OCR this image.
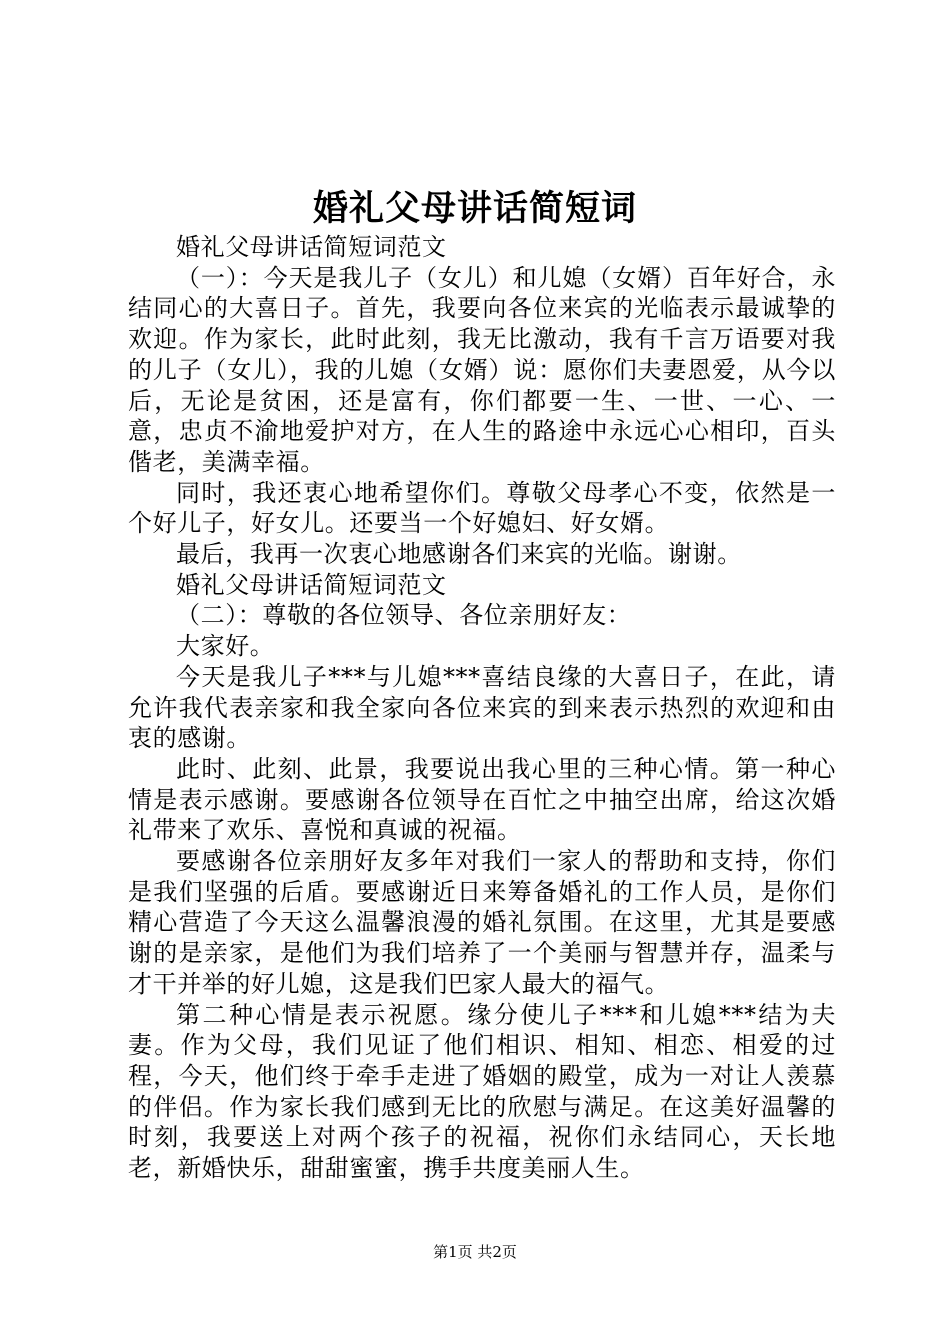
婚礼父母讲话简短词

婚礼父母讲话简短词范文

（一）：今天是我儿子（女儿）和儿媳（女婿）百年好合，永结同心的大喜日子。首先，我要向各位来宾的光临表示最诚挚的欢迎。作为家长，此时此刻，我无比激动，我有千言万语要对我的儿子（女儿），我的儿媳（女婿）说：愿你们夫妻恩爱，从今以后，无论是贫困，还是富有，你们都要一生、一世、一心、一意，忠贞不渝地爱护对方，在人生的路途中永远心心相印，百头偕老，美满幸福。

同时，我还衷心地希望你们。尊敬父母孝心不变，依然是一个好儿子，好女儿。还要当一个好媳妇、好女婿。

最后，我再一次衷心地感谢各们来宾的光临。谢谢。

婚礼父母讲话简短词范文

（二）：尊敬的各位领导、各位亲朋好友：

大家好。

今天是我儿子***与儿媳***喜结良缘的大喜日子，在此，请允许我代表亲家和我全家向各位来宾的到来表示热烈的欢迎和由衷的感谢。

此时、此刻、此景，我要说出我心里的三种心情。第一种心情是表示感谢。要感谢各位领导在百忙之中抽空出席，给这次婚礼带来了欢乐、喜悦和真诚的祝福。

要感谢各位亲朋好友多年对我们一家人的帮助和支持，你们是我们坚强的后盾。要感谢近日来筹备婚礼的工作人员，是你们精心营造了今天这么温馨浪漫的婚礼氛围。在这里，尤其是要感谢的是亲家，是他们为我们培养了一个美丽与智慧并存，温柔与才干并举的好儿媳，这是我们巴家人最大的福气。

第二种心情是表示祝愿。缘分使儿子***和儿媳***结为夫妻。作为父母，我们见证了他们相识、相知、相恋、相爱的过程，今天，他们终于牵手走进了婚姻的殿堂，成为一对让人羡慕的伴侣。作为家长我们感到无比的欣慰与满足。在这美好温馨的时刻，我要送上对两个孩子的祝福，祝你们永结同心，天长地老，新婚快乐，甜甜蜜蜜，携手共度美丽人生。

第1页 共2页
